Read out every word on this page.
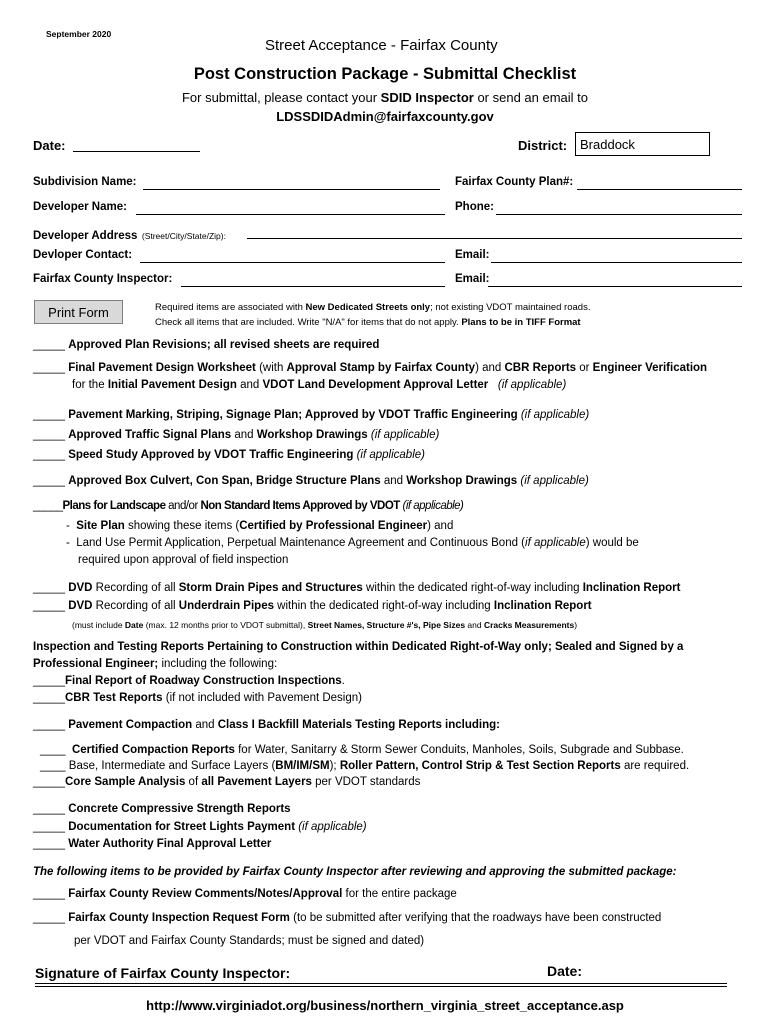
September 2020
Street Acceptance - Fairfax County
Post Construction Package - Submittal Checklist
For submittal, please contact your SDID Inspector or send an email to
LDSSDIDAdmin@fairfaxcounty.gov
Date:	District: Braddock
Subdivision Name:	Fairfax County Plan#:
Developer Name:	Phone:
Developer Address (Street/City/State/Zip):
Devloper Contact:	Email:
Fairfax County Inspector:	Email:
Print Form	Required items are associated with New Dedicated Streets only; not existing VDOT maintained roads.
Check all items that are included. Write "N/A" for items that do not apply. Plans to be in TIFF Format
_____ Approved Plan Revisions; all revised sheets are required
_____ Final Pavement Design Worksheet (with Approval Stamp by Fairfax County) and CBR Reports or Engineer Verification
for the Initial Pavement Design and VDOT Land Development Approval Letter (if applicable)
_____ Pavement Marking, Striping, Signage Plan; Approved by VDOT Traffic Engineering (if applicable)
_____ Approved Traffic Signal Plans and Workshop Drawings (if applicable)
_____ Speed Study Approved by VDOT Traffic Engineering (if applicable)
_____ Approved Box Culvert, Con Span, Bridge Structure Plans and Workshop Drawings (if applicable)
_____Plans for Landscape and/or Non Standard Items Approved by VDOT (if applicable)
- Site Plan showing these items (Certified by Professional Engineer) and
- Land Use Permit Application, Perpetual Maintenance Agreement and Continuous Bond (if applicable) would be
required upon approval of field inspection
_____ DVD Recording of all Storm Drain Pipes and Structures within the dedicated right-of-way including Inclination Report
_____ DVD Recording of all Underdrain Pipes within the dedicated right-of-way including Inclination Report
(must include Date (max. 12 months prior to VDOT submittal), Street Names, Structure #'s, Pipe Sizes and Cracks Measurements)
Inspection and Testing Reports Pertaining to Construction within Dedicated Right-of-Way only; Sealed and Signed by a
Professional Engineer; including the following:
_____Final Report of Roadway Construction Inspections.
_____CBR Test Reports (if not included with Pavement Design)
_____ Pavement Compaction and Class I Backfill Materials Testing Reports including:
____ Certified Compaction Reports for Water, Sanitarry & Storm Sewer Conduits, Manholes, Soils, Subgrade and Subbase.
____ Base, Intermediate and Surface Layers (BM/IM/SM); Roller Pattern, Control Strip & Test Section Reports are required.
_____Core Sample Analysis of all Pavement Layers per VDOT standards
_____ Concrete Compressive Strength Reports
_____ Documentation for Street Lights Payment (if applicable)
_____ Water Authority Final Approval Letter
The following items to be provided by Fairfax County Inspector after reviewing and approving the submitted package:
_____ Fairfax County Review Comments/Notes/Approval for the entire package
_____ Fairfax County Inspection Request Form (to be submitted after verifying that the roadways have been constructed
per VDOT and Fairfax County Standards; must be signed and dated)
Signature of Fairfax County Inspector:	Date:
http://www.virginiadot.org/business/northern_virginia_street_acceptance.asp
